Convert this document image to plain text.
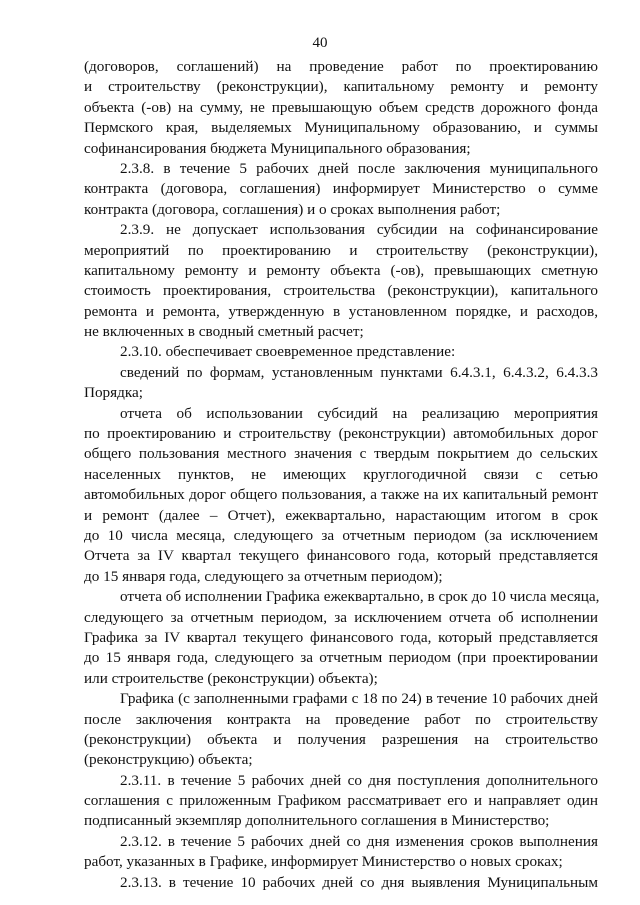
40
(договоров, соглашений) на проведение работ по проектированию
и строительству (реконструкции), капитальному ремонту и ремонту
объекта (-ов) на сумму, не превышающую объем средств дорожного фонда
Пермского края, выделяемых Муниципальному образованию, и суммы
софинансирования бюджета Муниципального образования;
2.3.8. в течение 5 рабочих дней после заключения муниципального
контракта (договора, соглашения) информирует Министерство о сумме
контракта (договора, соглашения) и о сроках выполнения работ;
2.3.9. не допускает использования субсидии на софинансирование
мероприятий по проектированию и строительству (реконструкции),
капитальному ремонту и ремонту объекта (-ов), превышающих сметную
стоимость проектирования, строительства (реконструкции), капитального
ремонта и ремонта, утвержденную в установленном порядке, и расходов,
не включенных в сводный сметный расчет;
2.3.10. обеспечивает своевременное представление:
сведений по формам, установленным пунктами 6.4.3.1, 6.4.3.2, 6.4.3.3
Порядка;
отчета об использовании субсидий на реализацию мероприятия
по проектированию и строительству (реконструкции) автомобильных дорог
общего пользования местного значения с твердым покрытием до сельских
населенных пунктов, не имеющих круглогодичной связи с сетью
автомобильных дорог общего пользования, а также на их капитальный ремонт
и ремонт (далее – Отчет), ежеквартально, нарастающим итогом в срок
до 10 числа месяца, следующего за отчетным периодом (за исключением
Отчета за IV квартал текущего финансового года, который представляется
до 15 января года, следующего за отчетным периодом);
отчета об исполнении Графика ежеквартально, в срок до 10 числа месяца,
следующего за отчетным периодом, за исключением отчета об исполнении
Графика за IV квартал текущего финансового года, который представляется
до 15 января года, следующего за отчетным периодом (при проектировании
или строительстве (реконструкции) объекта);
Графика (с заполненными графами с 18 по 24) в течение 10 рабочих дней
после заключения контракта на проведение работ по строительству
(реконструкции) объекта и получения разрешения на строительство
(реконструкцию) объекта;
2.3.11. в течение 5 рабочих дней со дня поступления дополнительного
соглашения с приложенным Графиком рассматривает его и направляет один
подписанный экземпляр дополнительного соглашения в Министерство;
2.3.12. в течение 5 рабочих дней со дня изменения сроков выполнения
работ, указанных в Графике, информирует Министерство о новых сроках;
2.3.13. в течение 10 рабочих дней со дня выявления Муниципальным
